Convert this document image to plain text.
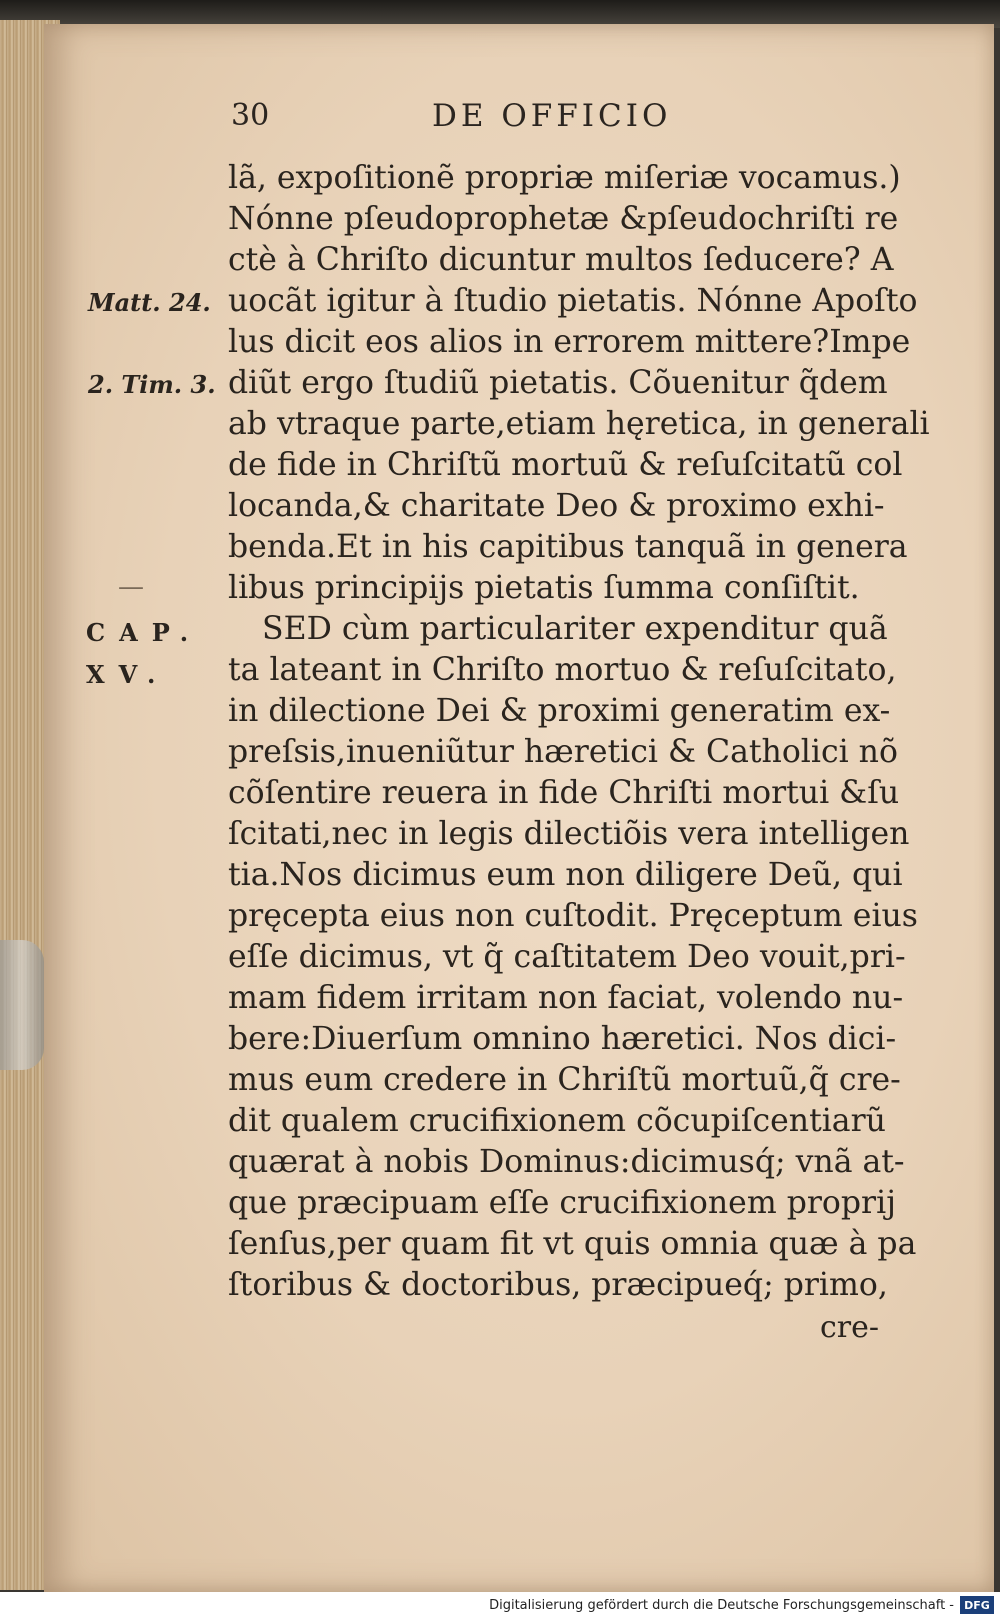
30	DE OFFICIO
lã, expoſitionẽ propriæ miſeriæ vocamus.)
Nónne pſeudoprophetæ &pſeudochriſti re
ctè à Chriſto dicuntur multos ſeducere? A
uocãt igitur à ſtudio pietatis. Nónne Apoſto
lus dicit eos alios in errorem mittere?Impe
diũt ergo ſtudiũ pietatis. Cõuenitur q̃dem
ab vtraque parte,etiam hęretica, in generali
de fide in Chriſtũ mortuũ & reſuſcitatũ col
locanda,& charitate Deo & proximo exhi-
benda.Et in his capitibus tanquã in genera
libus principijs pietatis ſumma conſiſtit.
SED cùm particulariter expenditur quã
ta lateant in Chriſto mortuo & reſuſcitato,
in dilectione Dei & proximi generatim ex-
preſsis,inueniũtur hæretici & Catholici nõ
cõſentire reuera in fide Chriſti mortui &ſu
ſcitati,nec in legis dilectiõis vera intelligen
tia.Nos dicimus eum non diligere Deũ, qui
pręcepta eius non cuſtodit. Pręceptum eius
eſſe dicimus, vt q̃ caſtitatem Deo vouit,pri-
mam fidem irritam non faciat, volendo nu-
bere:Diuerſum omnino hæretici. Nos dici-
mus eum credere in Chriſtũ mortuũ,q̃ cre-
dit qualem crucifixionem cõcupiſcentiarũ
quærat à nobis Dominus:dicimusq́; vnã at-
que præcipuam eſſe crucifixionem proprij
ſenſus,per quam fit vt quis omnia quæ à pa
ſtoribus & doctoribus, præcipueq́; primo,
Matt. 24.
2. Tim. 3.
—
CAP.
XV.
cre-
Digitalisierung gefördert durch die Deutsche Forschungsgemeinschaft - DFG
